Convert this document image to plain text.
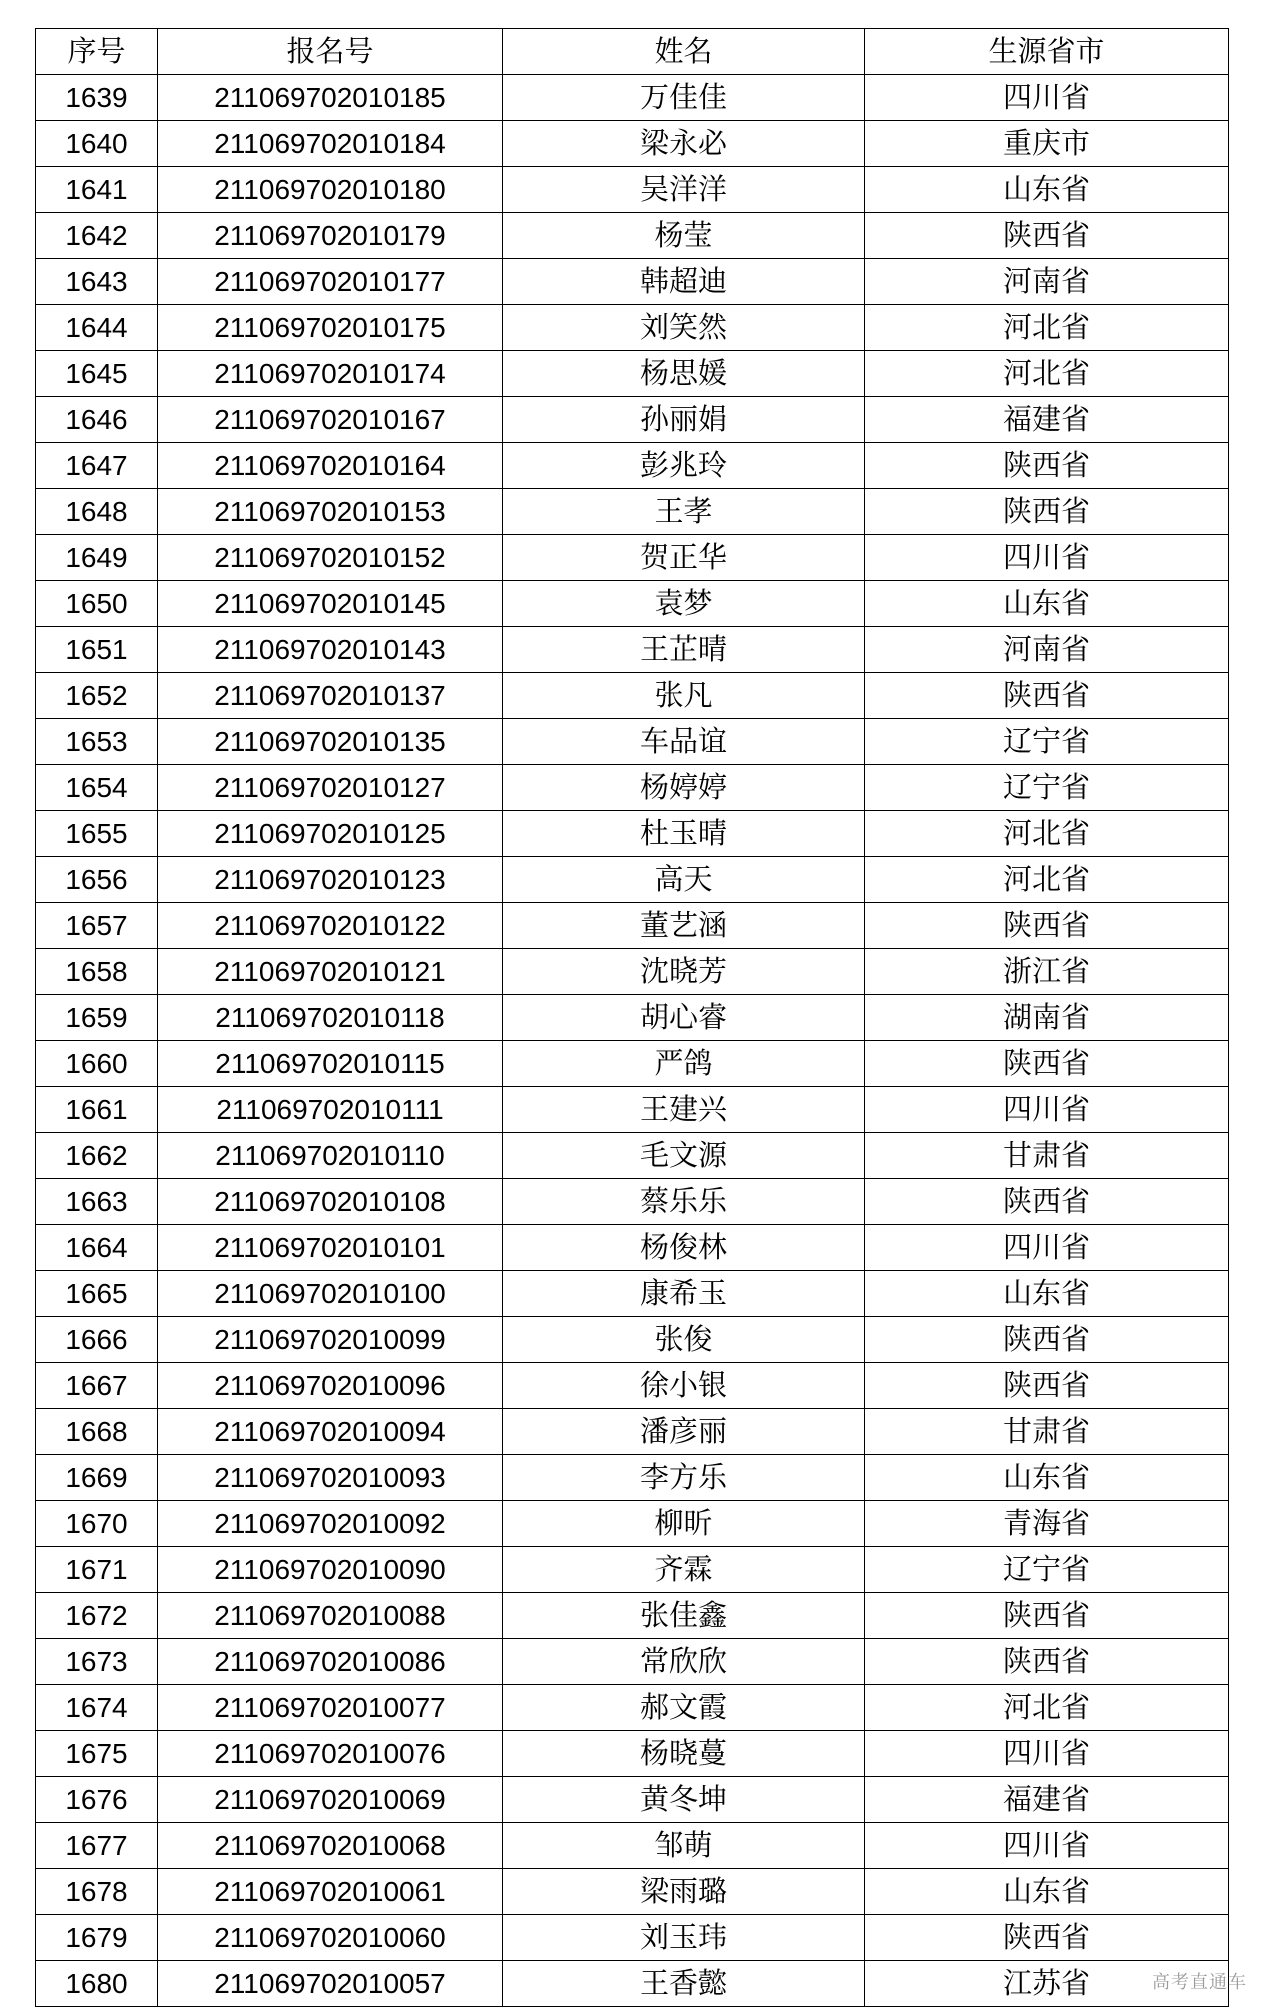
序号	报名号	姓名	生源省市
1639	211069702010185	万佳佳	四川省
1640	211069702010184	梁永必	重庆市
1641	211069702010180	吴洋洋	山东省
1642	211069702010179	杨莹	陕西省
1643	211069702010177	韩超迪	河南省
1644	211069702010175	刘笑然	河北省
1645	211069702010174	杨思媛	河北省
1646	211069702010167	孙丽娟	福建省
1647	211069702010164	彭兆玲	陕西省
1648	211069702010153	王孝	陕西省
1649	211069702010152	贺正华	四川省
1650	211069702010145	袁梦	山东省
1651	211069702010143	王芷晴	河南省
1652	211069702010137	张凡	陕西省
1653	211069702010135	车品谊	辽宁省
1654	211069702010127	杨婷婷	辽宁省
1655	211069702010125	杜玉晴	河北省
1656	211069702010123	高天	河北省
1657	211069702010122	董艺涵	陕西省
1658	211069702010121	沈晓芳	浙江省
1659	211069702010118	胡心睿	湖南省
1660	211069702010115	严鸽	陕西省
1661	211069702010111	王建兴	四川省
1662	211069702010110	毛文源	甘肃省
1663	211069702010108	蔡乐乐	陕西省
1664	211069702010101	杨俊林	四川省
1665	211069702010100	康希玉	山东省
1666	211069702010099	张俊	陕西省
1667	211069702010096	徐小银	陕西省
1668	211069702010094	潘彦丽	甘肃省
1669	211069702010093	李方乐	山东省
1670	211069702010092	柳昕	青海省
1671	211069702010090	齐霖	辽宁省
1672	211069702010088	张佳鑫	陕西省
1673	211069702010086	常欣欣	陕西省
1674	211069702010077	郝文霞	河北省
1675	211069702010076	杨晓蔓	四川省
1676	211069702010069	黄冬坤	福建省
1677	211069702010068	邹萌	四川省
1678	211069702010061	梁雨璐	山东省
1679	211069702010060	刘玉玮	陕西省
1680	211069702010057	王香懿	江苏省	高考直通车
